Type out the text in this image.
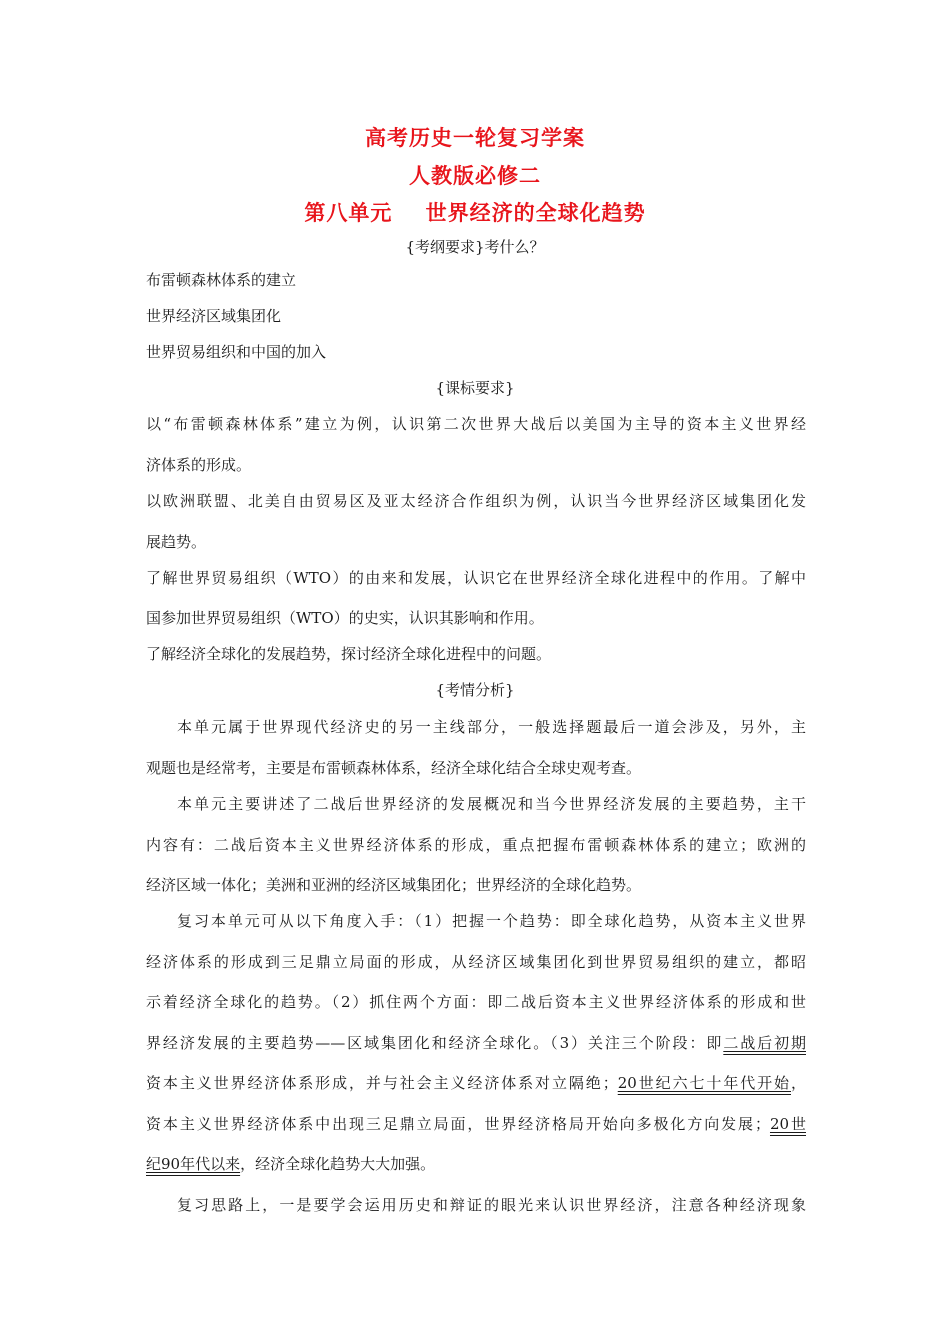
高考历史一轮复习学案
人教版必修二
第八单元    世界经济的全球化趋势
{考纲要求}考什么？
布雷顿森林体系的建立
世界经济区域集团化
世界贸易组织和中国的加入
{课标要求}
以“布雷顿森林体系”建立为例，认识第二次世界大战后以美国为主导的资本主义世界经
济体系的形成。
以欧洲联盟、北美自由贸易区及亚太经济合作组织为例，认识当今世界经济区域集团化发
展趋势。
了解世界贸易组织（WTO）的由来和发展，认识它在世界经济全球化进程中的作用。了解中
国参加世界贸易组织（WTO）的史实，认识其影响和作用。
了解经济全球化的发展趋势，探讨经济全球化进程中的问题。
{考情分析}
本单元属于世界现代经济史的另一主线部分，一般选择题最后一道会涉及，另外，主
观题也是经常考，主要是布雷顿森林体系，经济全球化结合全球史观考查。
本单元主要讲述了二战后世界经济的发展概况和当今世界经济发展的主要趋势，主干
内容有：二战后资本主义世界经济体系的形成，重点把握布雷顿森林体系的建立；欧洲的
经济区域一体化；美洲和亚洲的经济区域集团化；世界经济的全球化趋势。
复习本单元可从以下角度入手：（1）把握一个趋势：即全球化趋势，从资本主义世界
经济体系的形成到三足鼎立局面的形成，从经济区域集团化到世界贸易组织的建立，都昭
示着经济全球化的趋势。（2）抓住两个方面：即二战后资本主义世界经济体系的形成和世
界经济发展的主要趋势——区域集团化和经济全球化。（3）关注三个阶段：即二战后初期
资本主义世界经济体系形成，并与社会主义经济体系对立隔绝；20世纪六七十年代开始，
资本主义世界经济体系中出现三足鼎立局面，世界经济格局开始向多极化方向发展；20世
纪90年代以来，经济全球化趋势大大加强。
复习思路上，一是要学会运用历史和辩证的眼光来认识世界经济，注意各种经济现象
